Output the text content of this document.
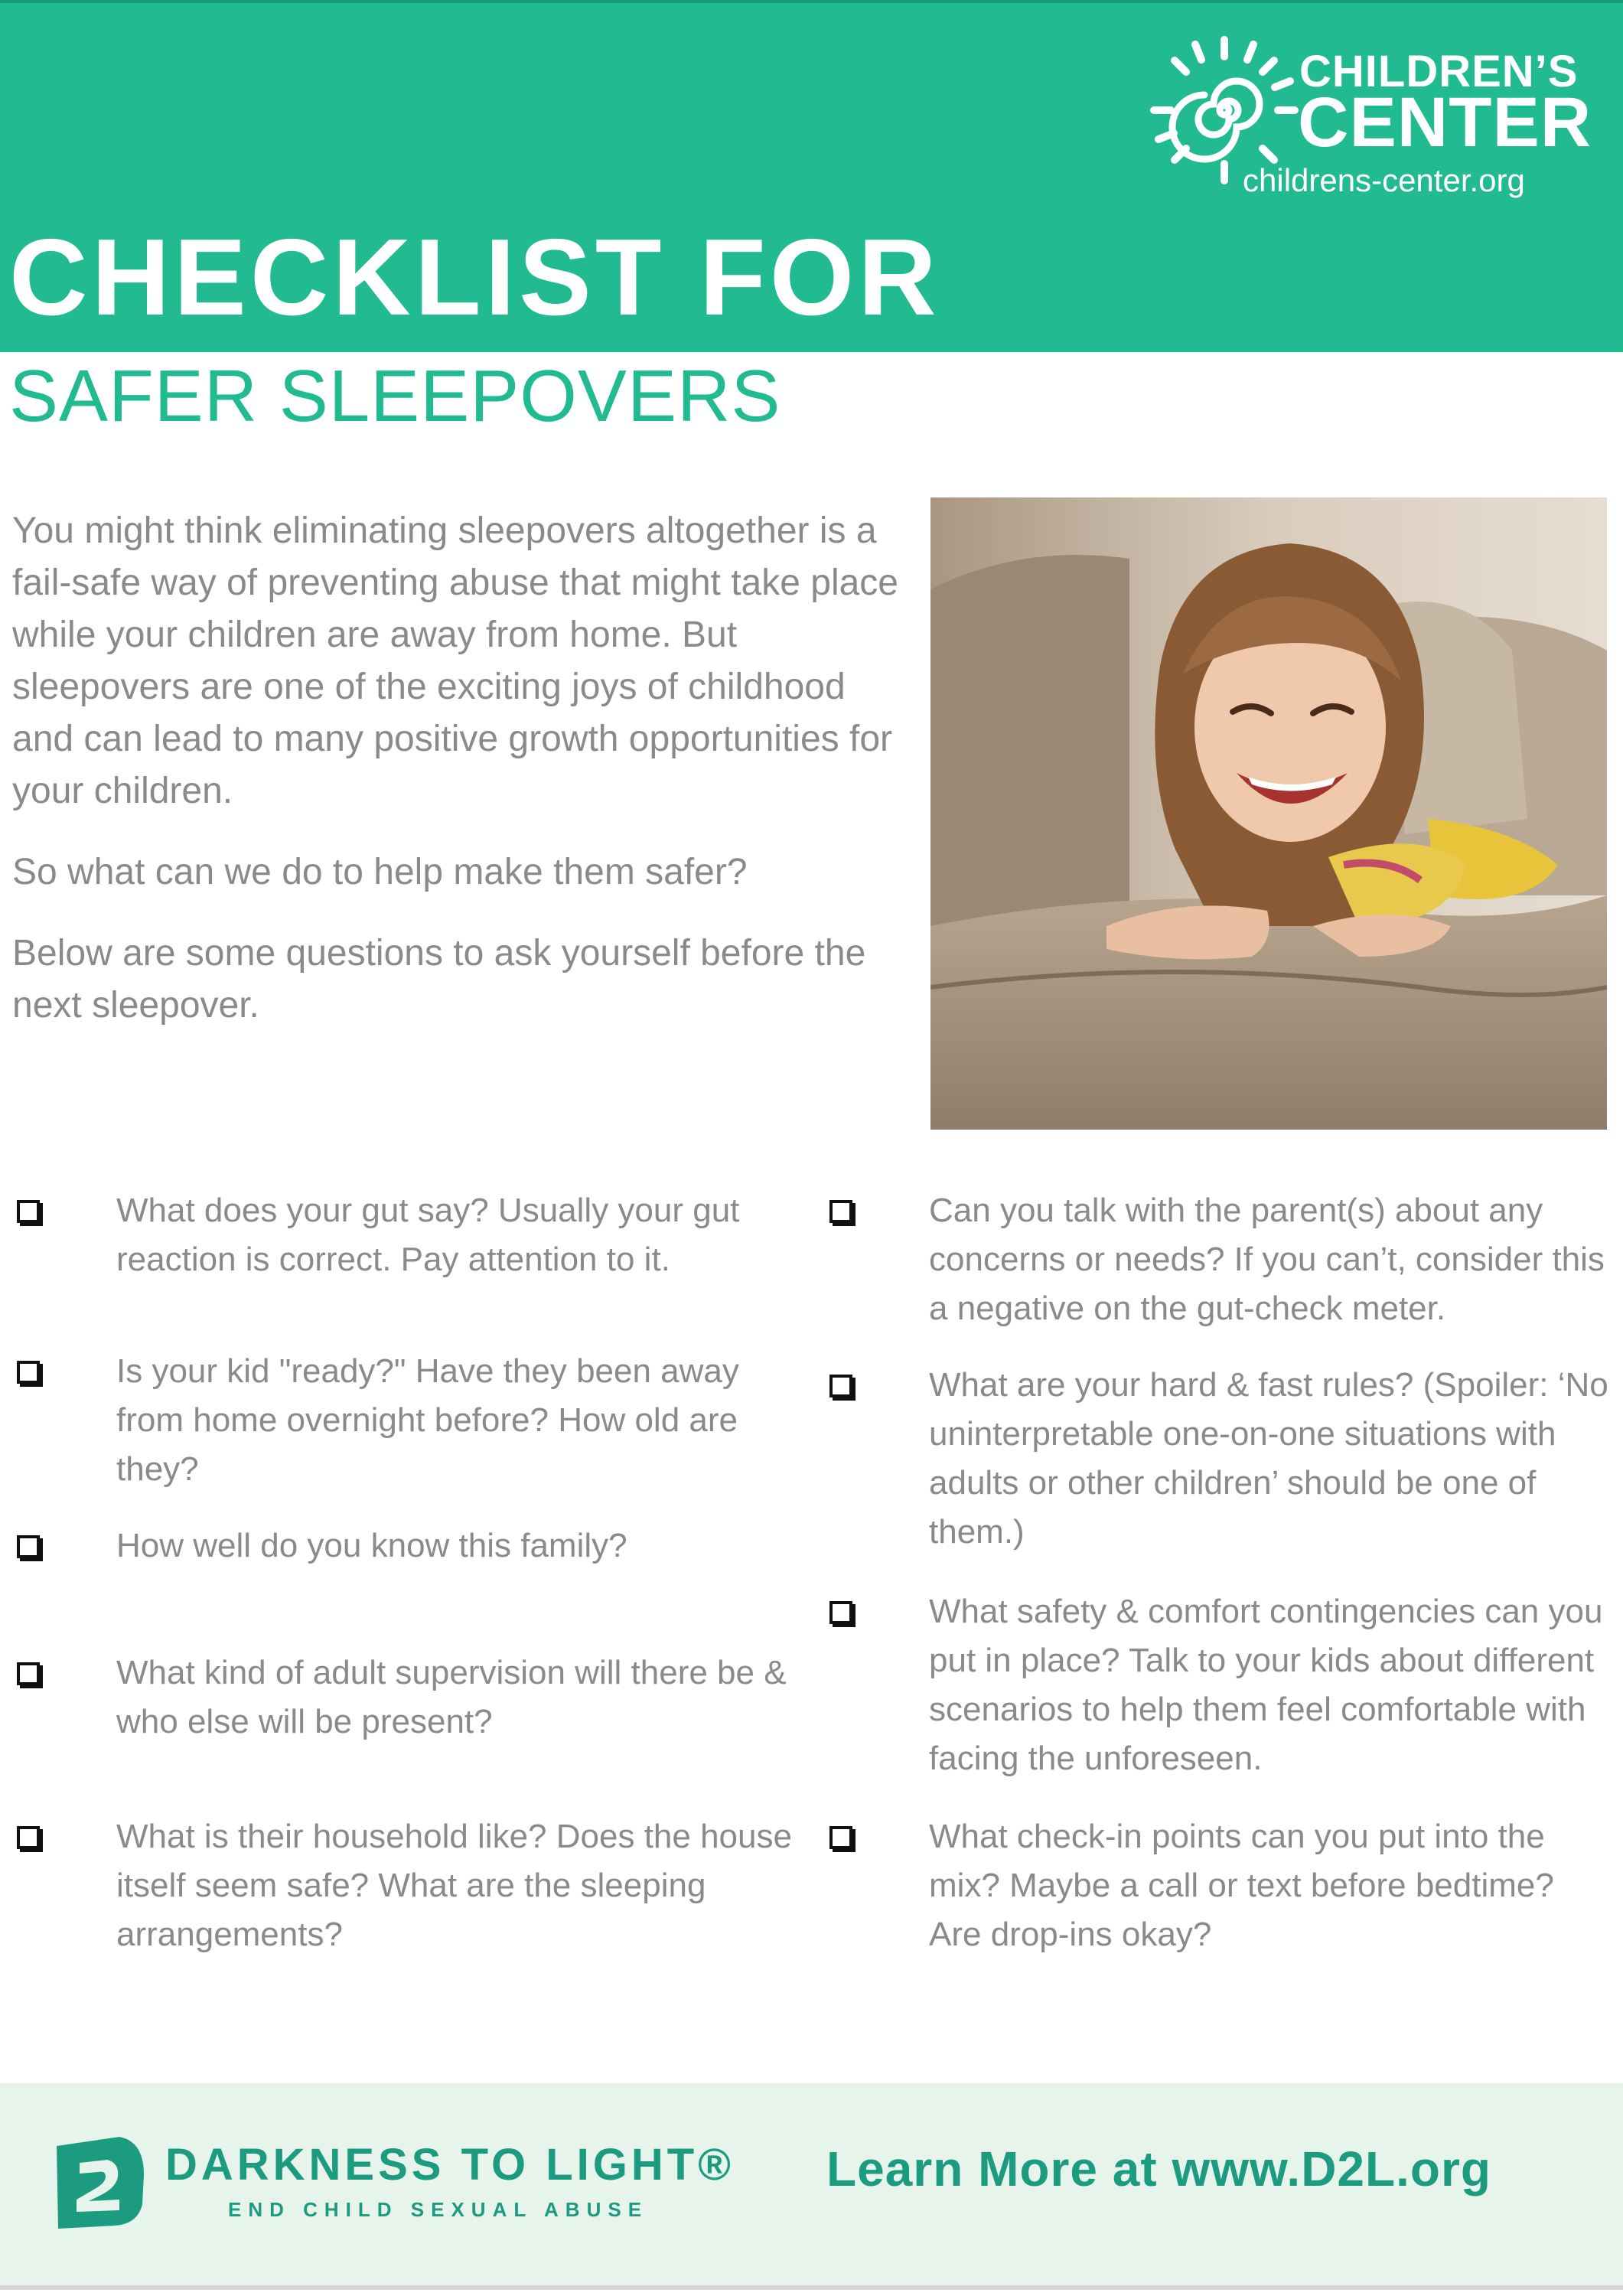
CHILDREN’S
CENTER
childrens-center.org
CHECKLIST FOR
SAFER SLEEPOVERS

You might think eliminating sleepovers altogether is a fail-safe way of preventing abuse that might take place while your children are away from home. But sleepovers are one of the exciting joys of childhood and can lead to many positive growth opportunities for your children.

So what can we do to help make them safer?

Below are some questions to ask yourself before the next sleepover.

What does your gut say? Usually your gut reaction is correct. Pay attention to it.
Is your kid "ready?" Have they been away from home overnight before? How old are they?
How well do you know this family?
What kind of adult supervision will there be & who else will be present?
What is their household like? Does the house itself seem safe? What are the sleeping arrangements?
Can you talk with the parent(s) about any concerns or needs? If you can’t, consider this a negative on the gut-check meter.
What are your hard & fast rules? (Spoiler: ‘No uninterpretable one-on-one situations with adults or other children’ should be one of them.)
What safety & comfort contingencies can you put in place? Talk to your kids about different scenarios to help them feel comfortable with facing the unforeseen.
What check-in points can you put into the mix? Maybe a call or text before bedtime? Are drop-ins okay?
DARKNESS TO LIGHT®
END CHILD SEXUAL ABUSE
Learn More at www.D2L.org
